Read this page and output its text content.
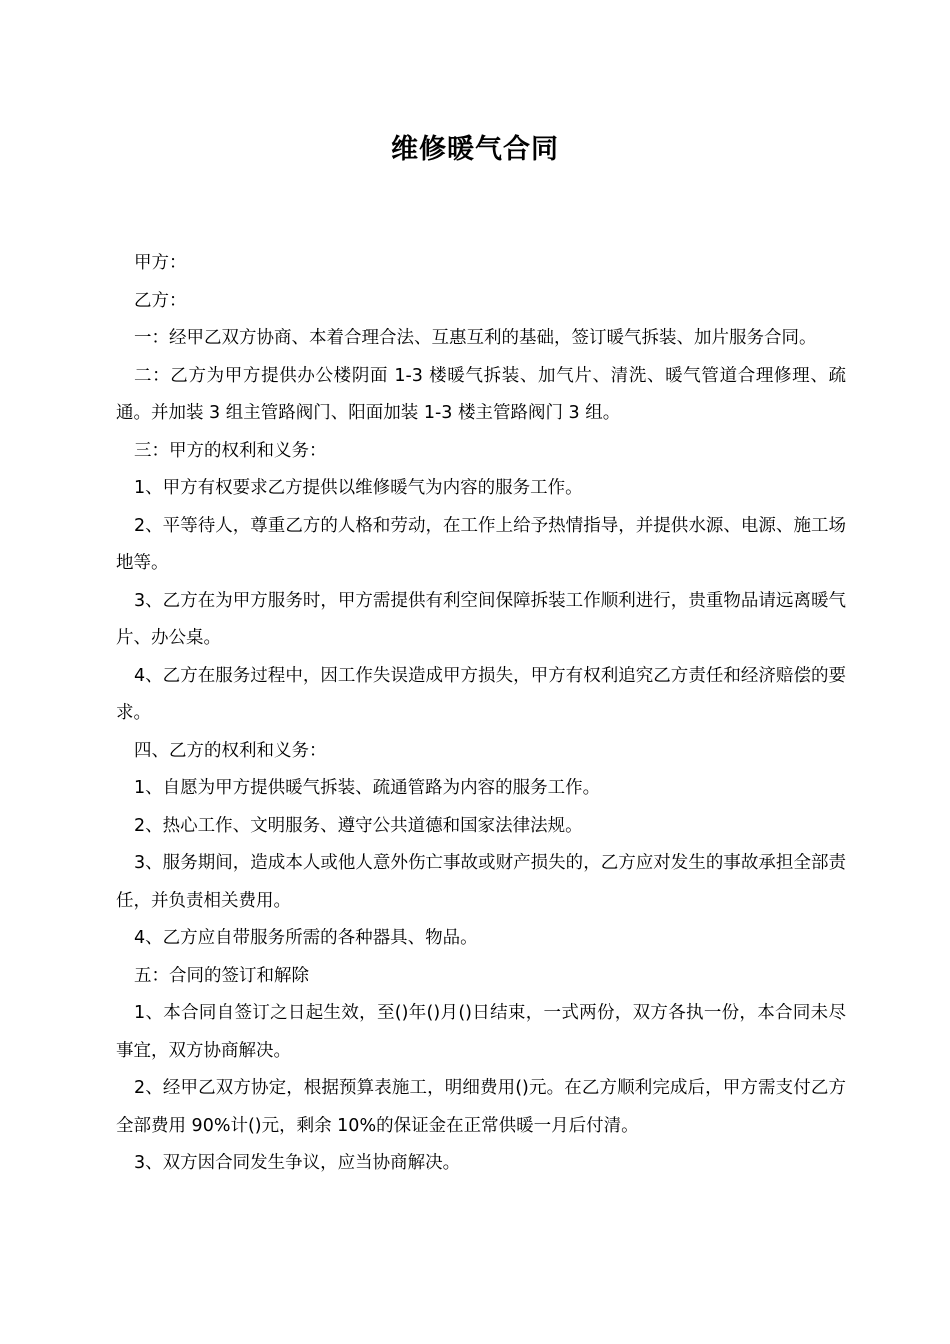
维修暖气合同

甲方：

乙方：

一：经甲乙双方协商、本着合理合法、互惠互利的基础，签订暖气拆装、加片服务合同。

二：乙方为甲方提供办公楼阴面 1-3 楼暖气拆装、加气片、清洗、暖气管道合理修理、疏通。并加装 3 组主管路阀门、阳面加装 1-3 楼主管路阀门 3 组。

三：甲方的权利和义务：

1、甲方有权要求乙方提供以维修暖气为内容的服务工作。

2、平等待人，尊重乙方的人格和劳动，在工作上给予热情指导，并提供水源、电源、施工场地等。

3、乙方在为甲方服务时，甲方需提供有利空间保障拆装工作顺利进行，贵重物品请远离暖气片、办公桌。

4、乙方在服务过程中，因工作失误造成甲方损失，甲方有权利追究乙方责任和经济赔偿的要求。

四、乙方的权利和义务：

1、自愿为甲方提供暖气拆装、疏通管路为内容的服务工作。

2、热心工作、文明服务、遵守公共道德和国家法律法规。

3、服务期间，造成本人或他人意外伤亡事故或财产损失的，乙方应对发生的事故承担全部责任，并负责相关费用。

4、乙方应自带服务所需的各种器具、物品。

五：合同的签订和解除

1、本合同自签订之日起生效，至()年()月()日结束，一式两份，双方各执一份，本合同未尽事宜，双方协商解决。

2、经甲乙双方协定，根据预算表施工，明细费用()元。在乙方顺利完成后，甲方需支付乙方全部费用 90%计()元，剩余 10%的保证金在正常供暖一月后付清。

3、双方因合同发生争议，应当协商解决。
